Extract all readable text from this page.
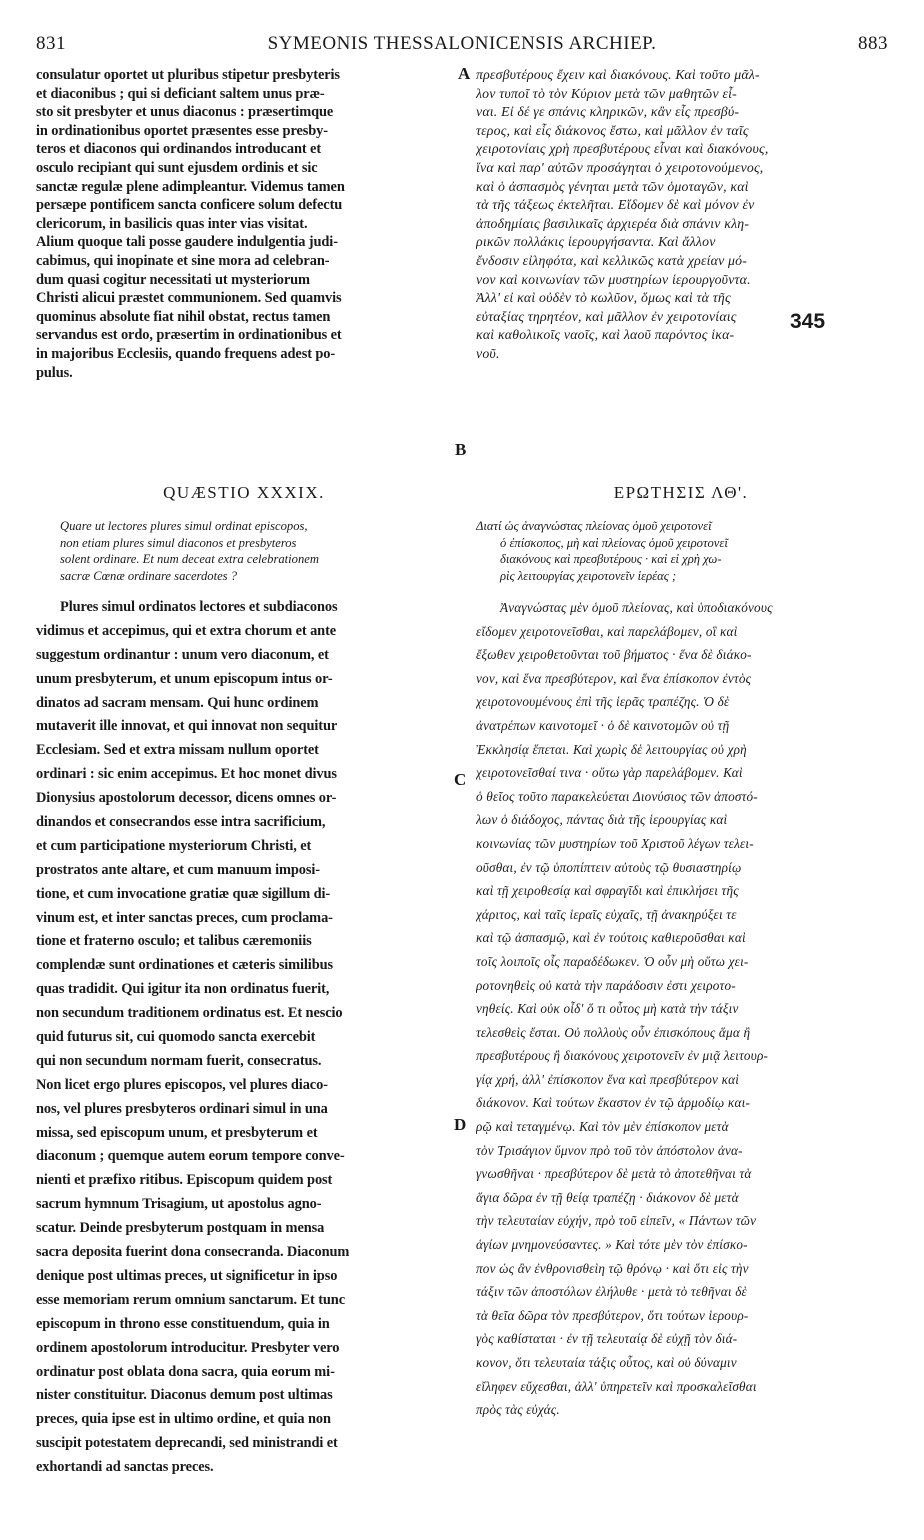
831	SYMEONIS THESSALONICENSIS ARCHIEP.	883
consulatur oportet ut pluribus stipetur presbyteris
et diaconibus ; qui si deficiant saltem unus præ-
sto sit presbyter et unus diaconus : præsertimque
in ordinationibus oportet præsentes esse presby-
teros et diaconos qui ordinandos introducant et
osculo recipiant qui sunt ejusdem ordinis et sic
sanctæ regulæ plene adimpleantur. Videmus tamen
persæpe pontificem sancta conficere solum defectu
clericorum, in basilicis quas inter vias visitat.
Alium quoque tali posse gaudere indulgentia judi-
cabimus, qui inopinate et sine mora ad celebran-
dum quasi cogitur necessitati ut mysteriorum
Christi alicui præstet communionem. Sed quamvis
quominus absolute fiat nihil obstat, rectus tamen
servandus est ordo, præsertim in ordinationibus et
in majoribus Ecclesiis, quando frequens adest po-
pulus.
πρεσβυτέρους ἔχειν καὶ διακόνους. Καὶ τοῦτο μᾶλ-
λον τυποῖ τὸ τὸν Κύριον μετὰ τῶν μαθητῶν εἶ-
ναι. Εἰ δέ γε σπάνις κληρικῶν, κἂν εἷς πρεσβύ-
τερος, καὶ εἷς διάκονος ἔστω, καὶ μᾶλλον ἐν ταῖς
χειροτονίαις χρὴ πρεσβυτέρους εἶναι καὶ διακόνους,
ἵνα καὶ παρ' αὐτῶν προσάγηται ὁ χειροτονούμενος,
καὶ ὁ ἀσπασμὸς γένηται μετὰ τῶν ὁμοταγῶν, καὶ
τὰ τῆς τάξεως ἐκτελῆται. Εἴδομεν δὲ καὶ μόνον ἐν
ἀποδημίαις βασιλικαῖς ἀρχιερέα διὰ σπάνιν κλη-
ρικῶν πολλάκις ἱερουργήσαντα. Καὶ ἄλλον
ἔνδοσιν εἰληφότα, καὶ κελλικῶς κατὰ χρείαν μό-
νον καὶ κοινωνίαν τῶν μυστηρίων ἱερουργοῦντα.
Ἀλλ' εἰ καὶ οὐδὲν τὸ κωλῦον, ὅμως καὶ τὰ τῆς
εὐταξίας τηρητέον, καὶ μᾶλλον ἐν χειροτονίαις
καὶ καθολικοῖς ναοῖς, καὶ λαοῦ παρόντος ἱκα-
νοῦ.
A
B
C
D
345
QUÆSTIO XXXIX.	ΕΡΩΤΗΣΙΣ ΛΘ'.
Quare ut lectores plures simul ordinat episcopos,
non etiam plures simul diaconos et presbyteros
solent ordinare. Et num deceat extra celebrationem
sacræ Cœnæ ordinare sacerdotes ?
Διατί ὡς ἀναγνώστας πλείονας ὁμοῦ χειροτονεῖ
ὁ ἐπίσκοπος, μὴ καὶ πλείονας ὁμοῦ χειροτονεῖ
διακόνους καὶ πρεσβυτέρους · καὶ εἰ χρὴ χω-
ρὶς λειτουργίας χειροτονεῖν ἱερέας ;
Plures simul ordinatos lectores et subdiaconos
vidimus et accepimus, qui et extra chorum et ante
suggestum ordinantur : unum vero diaconum, et
unum presbyterum, et unum episcopum intus or-
dinatos ad sacram mensam. Qui hunc ordinem
mutaverit ille innovat, et qui innovat non sequitur
Ecclesiam. Sed et extra missam nullum oportet
ordinari : sic enim accepimus. Et hoc monet divus
Dionysius apostolorum decessor, dicens omnes or-
dinandos et consecrandos esse intra sacrificium,
et cum participatione mysteriorum Christi, et
prostratos ante altare, et cum manuum imposi-
tione, et cum invocatione gratiæ quæ sigillum di-
vinum est, et inter sanctas preces, cum proclama-
tione et fraterno osculo; et talibus cæremoniis
complendæ sunt ordinationes et cæteris similibus
quas tradidit. Qui igitur ita non ordinatus fuerit,
non secundum traditionem ordinatus est. Et nescio
quid futurus sit, cui quomodo sancta exercebit
qui non secundum normam fuerit, consecratus.
Non licet ergo plures episcopos, vel plures diaco-
nos, vel plures presbyteros ordinari simul in una
missa, sed episcopum unum, et presbyterum et
diaconum ; quemque autem eorum tempore conve-
nienti et præfixo ritibus. Episcopum quidem post
sacrum hymnum Trisagium, ut apostolus agno-
scatur. Deinde presbyterum postquam in mensa
sacra deposita fuerint dona consecranda. Diaconum
denique post ultimas preces, ut significetur in ipso
esse memoriam rerum omnium sanctarum. Et tunc
episcopum in throno esse constituendum, quia in
ordinem apostolorum introducitur. Presbyter vero
ordinatur post oblata dona sacra, quia eorum mi-
nister constituitur. Diaconus demum post ultimas
preces, quia ipse est in ultimo ordine, et quia non
suscipit potestatem deprecandi, sed ministrandi et
exhortandi ad sanctas preces.
Ἀναγνώστας μὲν ὁμοῦ πλείονας, καὶ ὑποδιακόνους
εἴδομεν χειροτονεῖσθαι, καὶ παρελάβομεν, οἳ καὶ
ἔξωθεν χειροθετοῦνται τοῦ βήματος · ἕνα δὲ διάκο-
νον, καὶ ἕνα πρεσβύτερον, καὶ ἕνα ἐπίσκοπον ἐντὸς
χειροτονουμένους ἐπὶ τῆς ἱερᾶς τραπέζης. Ὁ δὲ
ἀνατρέπων καινοτομεῖ · ὁ δὲ καινοτομῶν οὐ τῇ
Ἐκκλησίᾳ ἕπεται. Καὶ χωρὶς δὲ λειτουργίας οὐ χρὴ
χειροτονεῖσθαί τινα · οὕτω γὰρ παρελάβομεν. Καὶ
ὁ θεῖος τοῦτο παρακελεύεται Διονύσιος τῶν ἀποστό-
λων ὁ διάδοχος, πάντας διὰ τῆς ἱερουργίας καὶ
κοινωνίας τῶν μυστηρίων τοῦ Χριστοῦ λέγων τελει-
οῦσθαι, ἐν τῷ ὑποπίπτειν αὐτοὺς τῷ θυσιαστηρίῳ
καὶ τῇ χειροθεσίᾳ καὶ σφραγῖδι καὶ ἐπικλήσει τῆς
χάριτος, καὶ ταῖς ἱεραῖς εὐχαῖς, τῇ ἀνακηρύξει τε
καὶ τῷ ἀσπασμῷ, καὶ ἐν τούτοις καθιεροῦσθαι καὶ
τοῖς λοιποῖς οἷς παραδέδωκεν. Ὁ οὖν μὴ οὕτω χει-
ροτονηθεὶς οὐ κατὰ τὴν παράδοσιν ἐστι χειροτο-
νηθείς. Καὶ οὐκ οἶδ' ὅ τι οὗτος μὴ κατὰ τὴν τάξιν
τελεσθεὶς ἔσται. Οὐ πολλοὺς οὖν ἐπισκόπους ἅμα ἢ
πρεσβυτέρους ἢ διακόνους χειροτονεῖν ἐν μιᾷ λειτουρ-
γίᾳ χρή, ἀλλ' ἐπίσκοπον ἕνα καὶ πρεσβύτερον καὶ
διάκονον. Καὶ τούτων ἕκαστον ἐν τῷ ἁρμοδίῳ και-
ρῷ καὶ τεταγμένῳ. Καὶ τὸν μὲν ἐπίσκοπον μετὰ
τὸν Τρισάγιον ὕμνον πρὸ τοῦ τὸν ἀπόστολον ἀνα-
γνωσθῆναι · πρεσβύτερον δὲ μετὰ τὸ ἀποτεθῆναι τὰ
ἅγια δῶρα ἐν τῇ θείᾳ τραπέζῃ · διάκονον δὲ μετὰ
τὴν τελευταίαν εὐχήν, πρὸ τοῦ εἰπεῖν, « Πάντων τῶν
ἁγίων μνημονεύσαντες. » Καὶ τότε μὲν τὸν ἐπίσκο-
πον ὡς ἂν ἐνθρονισθεὶη τῷ θρόνῳ · καὶ ὅτι εἰς τὴν
τάξιν τῶν ἀποστόλων ἐλήλυθε · μετὰ τὸ τεθῆναι δὲ
τὰ θεῖα δῶρα τὸν πρεσβύτερον, ὅτι τούτων ἱερουρ-
γὸς καθίσταται · ἐν τῇ τελευταίᾳ δὲ εὐχῇ τὸν διά-
κονον, ὅτι τελευταία τάξις οὗτος, καὶ οὐ δύναμιν
εἴληφεν εὔχεσθαι, ἀλλ' ὑπηρετεῖν καὶ προσκαλεῖσθαι
πρὸς τὰς εὐχάς.
